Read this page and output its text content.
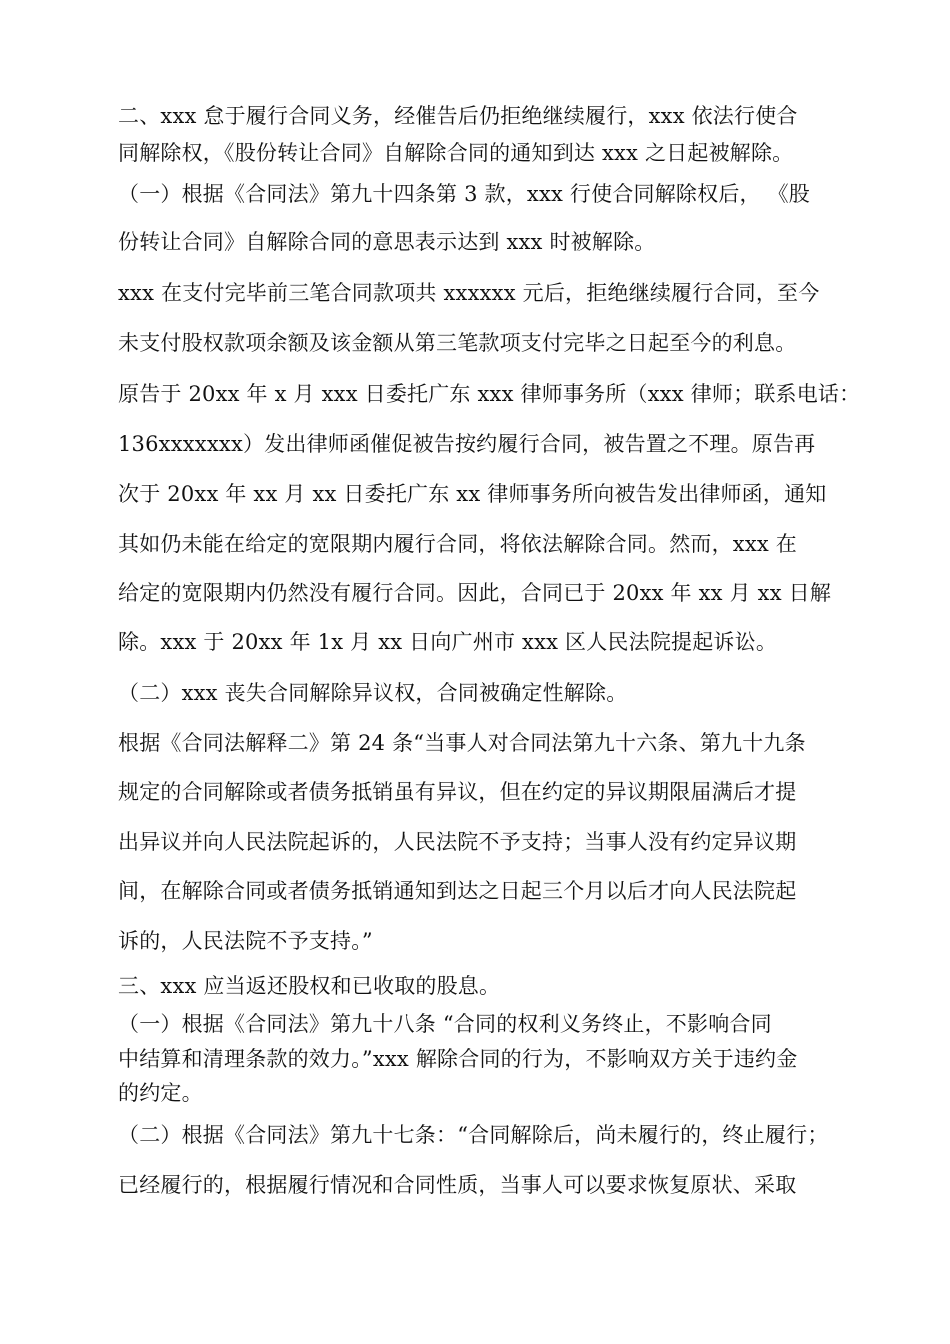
二、xxx 怠于履行合同义务，经催告后仍拒绝继续履行，xxx 依法行使合
同解除权，《股份转让合同》自解除合同的通知到达 xxx 之日起被解除。
（一）根据《合同法》第九十四条第 3 款，xxx 行使合同解除权后， 《股
份转让合同》自解除合同的意思表示达到 xxx 时被解除。
xxx 在支付完毕前三笔合同款项共 xxxxxx 元后，拒绝继续履行合同，至今
未支付股权款项余额及该金额从第三笔款项支付完毕之日起至今的利息。
原告于 20xx 年 x 月 xxx 日委托广东 xxx 律师事务所（xxx 律师；联系电话：
136xxxxxxx）发出律师函催促被告按约履行合同，被告置之不理。原告再
次于 20xx 年 xx 月 xx 日委托广东 xx 律师事务所向被告发出律师函，通知
其如仍未能在给定的宽限期内履行合同，将依法解除合同。然而，xxx 在
给定的宽限期内仍然没有履行合同。因此，合同已于 20xx 年 xx 月 xx 日解
除。xxx 于 20xx 年 1x 月 xx 日向广州市 xxx 区人民法院提起诉讼。
（二）xxx 丧失合同解除异议权，合同被确定性解除。
根据《合同法解释二》第 24 条“当事人对合同法第九十六条、第九十九条
规定的合同解除或者债务抵销虽有异议，但在约定的异议期限届满后才提
出异议并向人民法院起诉的，人民法院不予支持；当事人没有约定异议期
间，在解除合同或者债务抵销通知到达之日起三个月以后才向人民法院起
诉的，人民法院不予支持。”
三、xxx 应当返还股权和已收取的股息。
（一）根据《合同法》第九十八条 “合同的权利义务终止，不影响合同
中结算和清理条款的效力。”xxx 解除合同的行为，不影响双方关于违约金
的约定。
（二）根据《合同法》第九十七条：“合同解除后，尚未履行的，终止履行；
已经履行的，根据履行情况和合同性质，当事人可以要求恢复原状、采取
